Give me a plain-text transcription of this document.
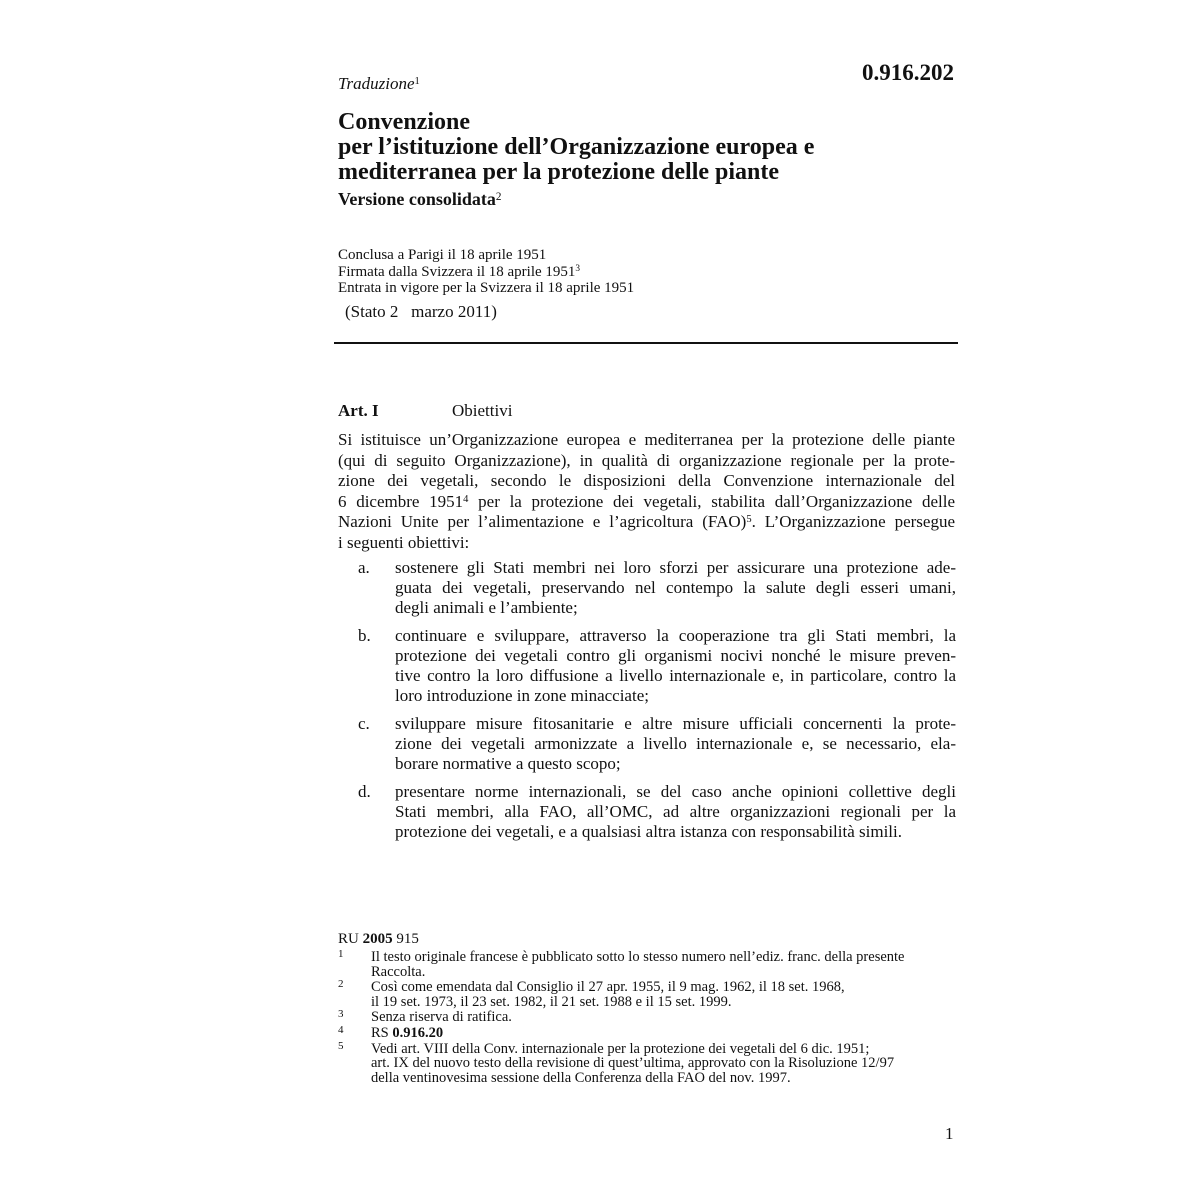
0.916.202
Traduzione$^1$
Convenzione
per l’istituzione dell’Organizzazione europea e
mediterranea per la protezione delle piante
Versione consolidata$^2$
Conclusa a Parigi il 18 aprile 1951
Firmata dalla Svizzera il 18 aprile 1951$^3$
Entrata in vigore per la Svizzera il 18 aprile 1951
(Stato 2   marzo 2011)
Art. I	Obiettivi
Si istituisce un’Organizzazione europea e mediterranea per la protezione delle piante
(qui di seguito Organizzazione), in qualità di organizzazione regionale per la prote-
zione dei vegetali, secondo le disposizioni della Convenzione internazionale del
6 dicembre 1951$^4$ per la protezione dei vegetali, stabilita dall’Organizzazione delle
Nazioni Unite per l’alimentazione e l’agricoltura (FAO)$^5$. L’Organizzazione persegue
i seguenti obiettivi:
a. sostenere gli Stati membri nei loro sforzi per assicurare una protezione ade-
guata dei vegetali, preservando nel contempo la salute degli esseri umani,
degli animali e l’ambiente;
b. continuare e sviluppare, attraverso la cooperazione tra gli Stati membri, la
protezione dei vegetali contro gli organismi nocivi nonché le misure preven-
tive contro la loro diffusione a livello internazionale e, in particolare, contro la
loro introduzione in zone minacciate;
c. sviluppare misure fitosanitarie e altre misure ufficiali concernenti la prote-
zione dei vegetali armonizzate a livello internazionale e, se necessario, ela-
borare normative a questo scopo;
d. presentare norme internazionali, se del caso anche opinioni collettive degli
Stati membri, alla FAO, all’OMC, ad altre organizzazioni regionali per la
protezione dei vegetali, e a qualsiasi altra istanza con responsabilità simili.
RU 2005 915
1 Il testo originale francese è pubblicato sotto lo stesso numero nell’ediz. franc. della presente
Raccolta.
2 Così come emendata dal Consiglio il 27 apr. 1955, il 9 mag. 1962, il 18 set. 1968,
il 19 set. 1973, il 23 set. 1982, il 21 set. 1988 e il 15 set. 1999.
3 Senza riserva di ratifica.
4 RS 0.916.20
5 Vedi art. VIII della Conv. internazionale per la protezione dei vegetali del 6 dic. 1951;
art. IX del nuovo testo della revisione di quest’ultima, approvato con la Risoluzione 12/97
della ventinovesima sessione della Conferenza della FAO del nov. 1997.
1
